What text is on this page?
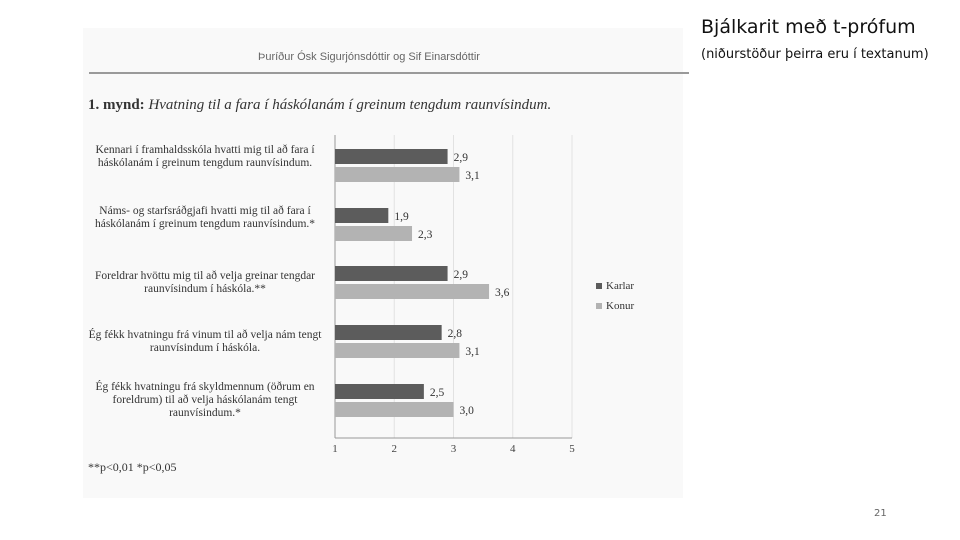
Þuríður Ósk Sigurjónsdóttir og Sif Einarsdóttir
1. mynd: Hvatning til a fara í háskólanám í greinum tengdum raunvísindum.
Kennari í framhaldsskóla hvatti mig til að fara í háskólanám í greinum tengdum raunvísindum.
Náms- og starfsráðgjafi hvatti mig til að fara í háskólanám í greinum tengdum raunvísindum.*
Foreldrar hvöttu mig til að velja greinar tengdar raunvísindum í háskóla.**
Ég fékk hvatningu frá vinum til að velja nám tengt raunvísindum í háskóla.
Ég fékk hvatningu frá skyldmennum (öðrum en foreldrum) til að velja háskólanám tengt raunvísindum.*
1	2	3	4	5
2,9
1,9
2,9
2,8
2,5
3,1
2,3
3,6
3,1
3,0
Karlar
Konur
**p<0,01 *p<0,05
Bjálkarit með t-prófum
(niðurstöður þeirra eru í textanum)
21
